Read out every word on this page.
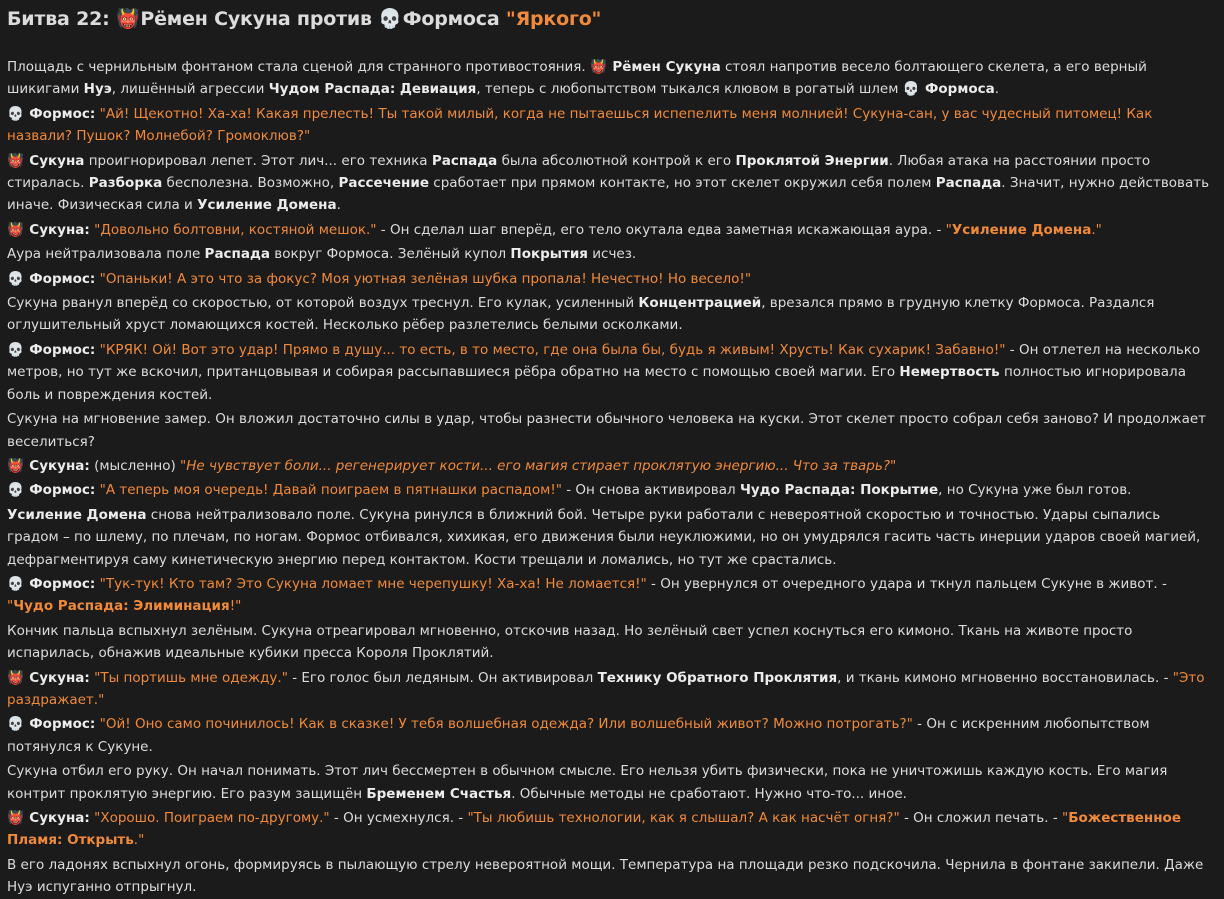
Битва 22: 👹 Рёмен Сукуна против 💀 Формоса "Яркого"

Площадь с чернильным фонтаном стала сценой для странного противостояния. 👹 Рёмен Сукуна стоял напротив весело болтающего скелета, а его верный шикигами Нуэ, лишённый агрессии Чудом Распада: Девиация, теперь с любопытством тыкался клювом в рогатый шлем 💀 Формоса.

💀 Формос: "Ай! Щекотно! Ха-ха! Какая прелесть! Ты такой милый, когда не пытаешься испепелить меня молнией! Сукуна-сан, у вас чудесный питомец! Как назвали? Пушок? Молнебой? Громоклюв?"

👹 Сукуна проигнорировал лепет. Этот лич... его техника Распада была абсолютной контрой к его Проклятой Энергии. Любая атака на расстоянии просто стиралась. Разборка бесполезна. Возможно, Рассечение сработает при прямом контакте, но этот скелет окружил себя полем Распада. Значит, нужно действовать иначе. Физическая сила и Усиление Домена.

👹 Сукуна: "Довольно болтовни, костяной мешок." - Он сделал шаг вперёд, его тело окутала едва заметная искажающая аура. - "Усиление Домена."

Аура нейтрализовала поле Распада вокруг Формоса. Зелёный купол Покрытия исчез.

💀 Формос: "Опаньки! А это что за фокус? Моя уютная зелёная шубка пропала! Нечестно! Но весело!"

Сукуна рванул вперёд со скоростью, от которой воздух треснул. Его кулак, усиленный Концентрацией, врезался прямо в грудную клетку Формоса. Раздался оглушительный хруст ломающихся костей. Несколько рёбер разлетелись белыми осколками.

💀 Формос: "КРЯК! Ой! Вот это удар! Прямо в душу... то есть, в то место, где она была бы, будь я живым! Хрусть! Как сухарик! Забавно!" - Он отлетел на несколько метров, но тут же вскочил, пританцовывая и собирая рассыпавшиеся рёбра обратно на место с помощью своей магии. Его Немертвость полностью игнорировала боль и повреждения костей.

Сукуна на мгновение замер. Он вложил достаточно силы в удар, чтобы разнести обычного человека на куски. Этот скелет просто собрал себя заново? И продолжает веселиться?

👹 Сукуна: (мысленно) "Не чувствует боли... регенерирует кости... его магия стирает проклятую энергию... Что за тварь?"

💀 Формос: "А теперь моя очередь! Давай поиграем в пятнашки распадом!" - Он снова активировал Чудо Распада: Покрытие, но Сукуна уже был готов.

Усиление Домена снова нейтрализовало поле. Сукуна ринулся в ближний бой. Четыре руки работали с невероятной скоростью и точностью. Удары сыпались градом – по шлему, по плечам, по ногам. Формос отбивался, хихикая, его движения были неуклюжими, но он умудрялся гасить часть инерции ударов своей магией, дефрагментируя саму кинетическую энергию перед контактом. Кости трещали и ломались, но тут же срастались.

💀 Формос: "Тук-тук! Кто там? Это Сукуна ломает мне черепушку! Ха-ха! Не ломается!" - Он увернулся от очередного удара и ткнул пальцем Сукуне в живот. - "Чудо Распада: Элиминация!"

Кончик пальца вспыхнул зелёным. Сукуна отреагировал мгновенно, отскочив назад. Но зелёный свет успел коснуться его кимоно. Ткань на животе просто испарилась, обнажив идеальные кубики пресса Короля Проклятий.

👹 Сукуна: "Ты портишь мне одежду." - Его голос был ледяным. Он активировал Технику Обратного Проклятия, и ткань кимоно мгновенно восстановилась. - "Это раздражает."

💀 Формос: "Ой! Оно само починилось! Как в сказке! У тебя волшебная одежда? Или волшебный живот? Можно потрогать?" - Он с искренним любопытством потянулся к Сукуне.

Сукуна отбил его руку. Он начал понимать. Этот лич бессмертен в обычном смысле. Его нельзя убить физически, пока не уничтожишь каждую кость. Его магия контрит проклятую энергию. Его разум защищён Бременем Счастья. Обычные методы не сработают. Нужно что-то... иное.

👹 Сукуна: "Хорошо. Поиграем по-другому." - Он усмехнулся. - "Ты любишь технологии, как я слышал? А как насчёт огня?" - Он сложил печать. - "Божественное Пламя: Открыть."

В его ладонях вспыхнул огонь, формируясь в пылающую стрелу невероятной мощи. Температура на площади резко подскочила. Чернила в фонтане закипели. Даже Нуэ испуганно отпрыгнул.
